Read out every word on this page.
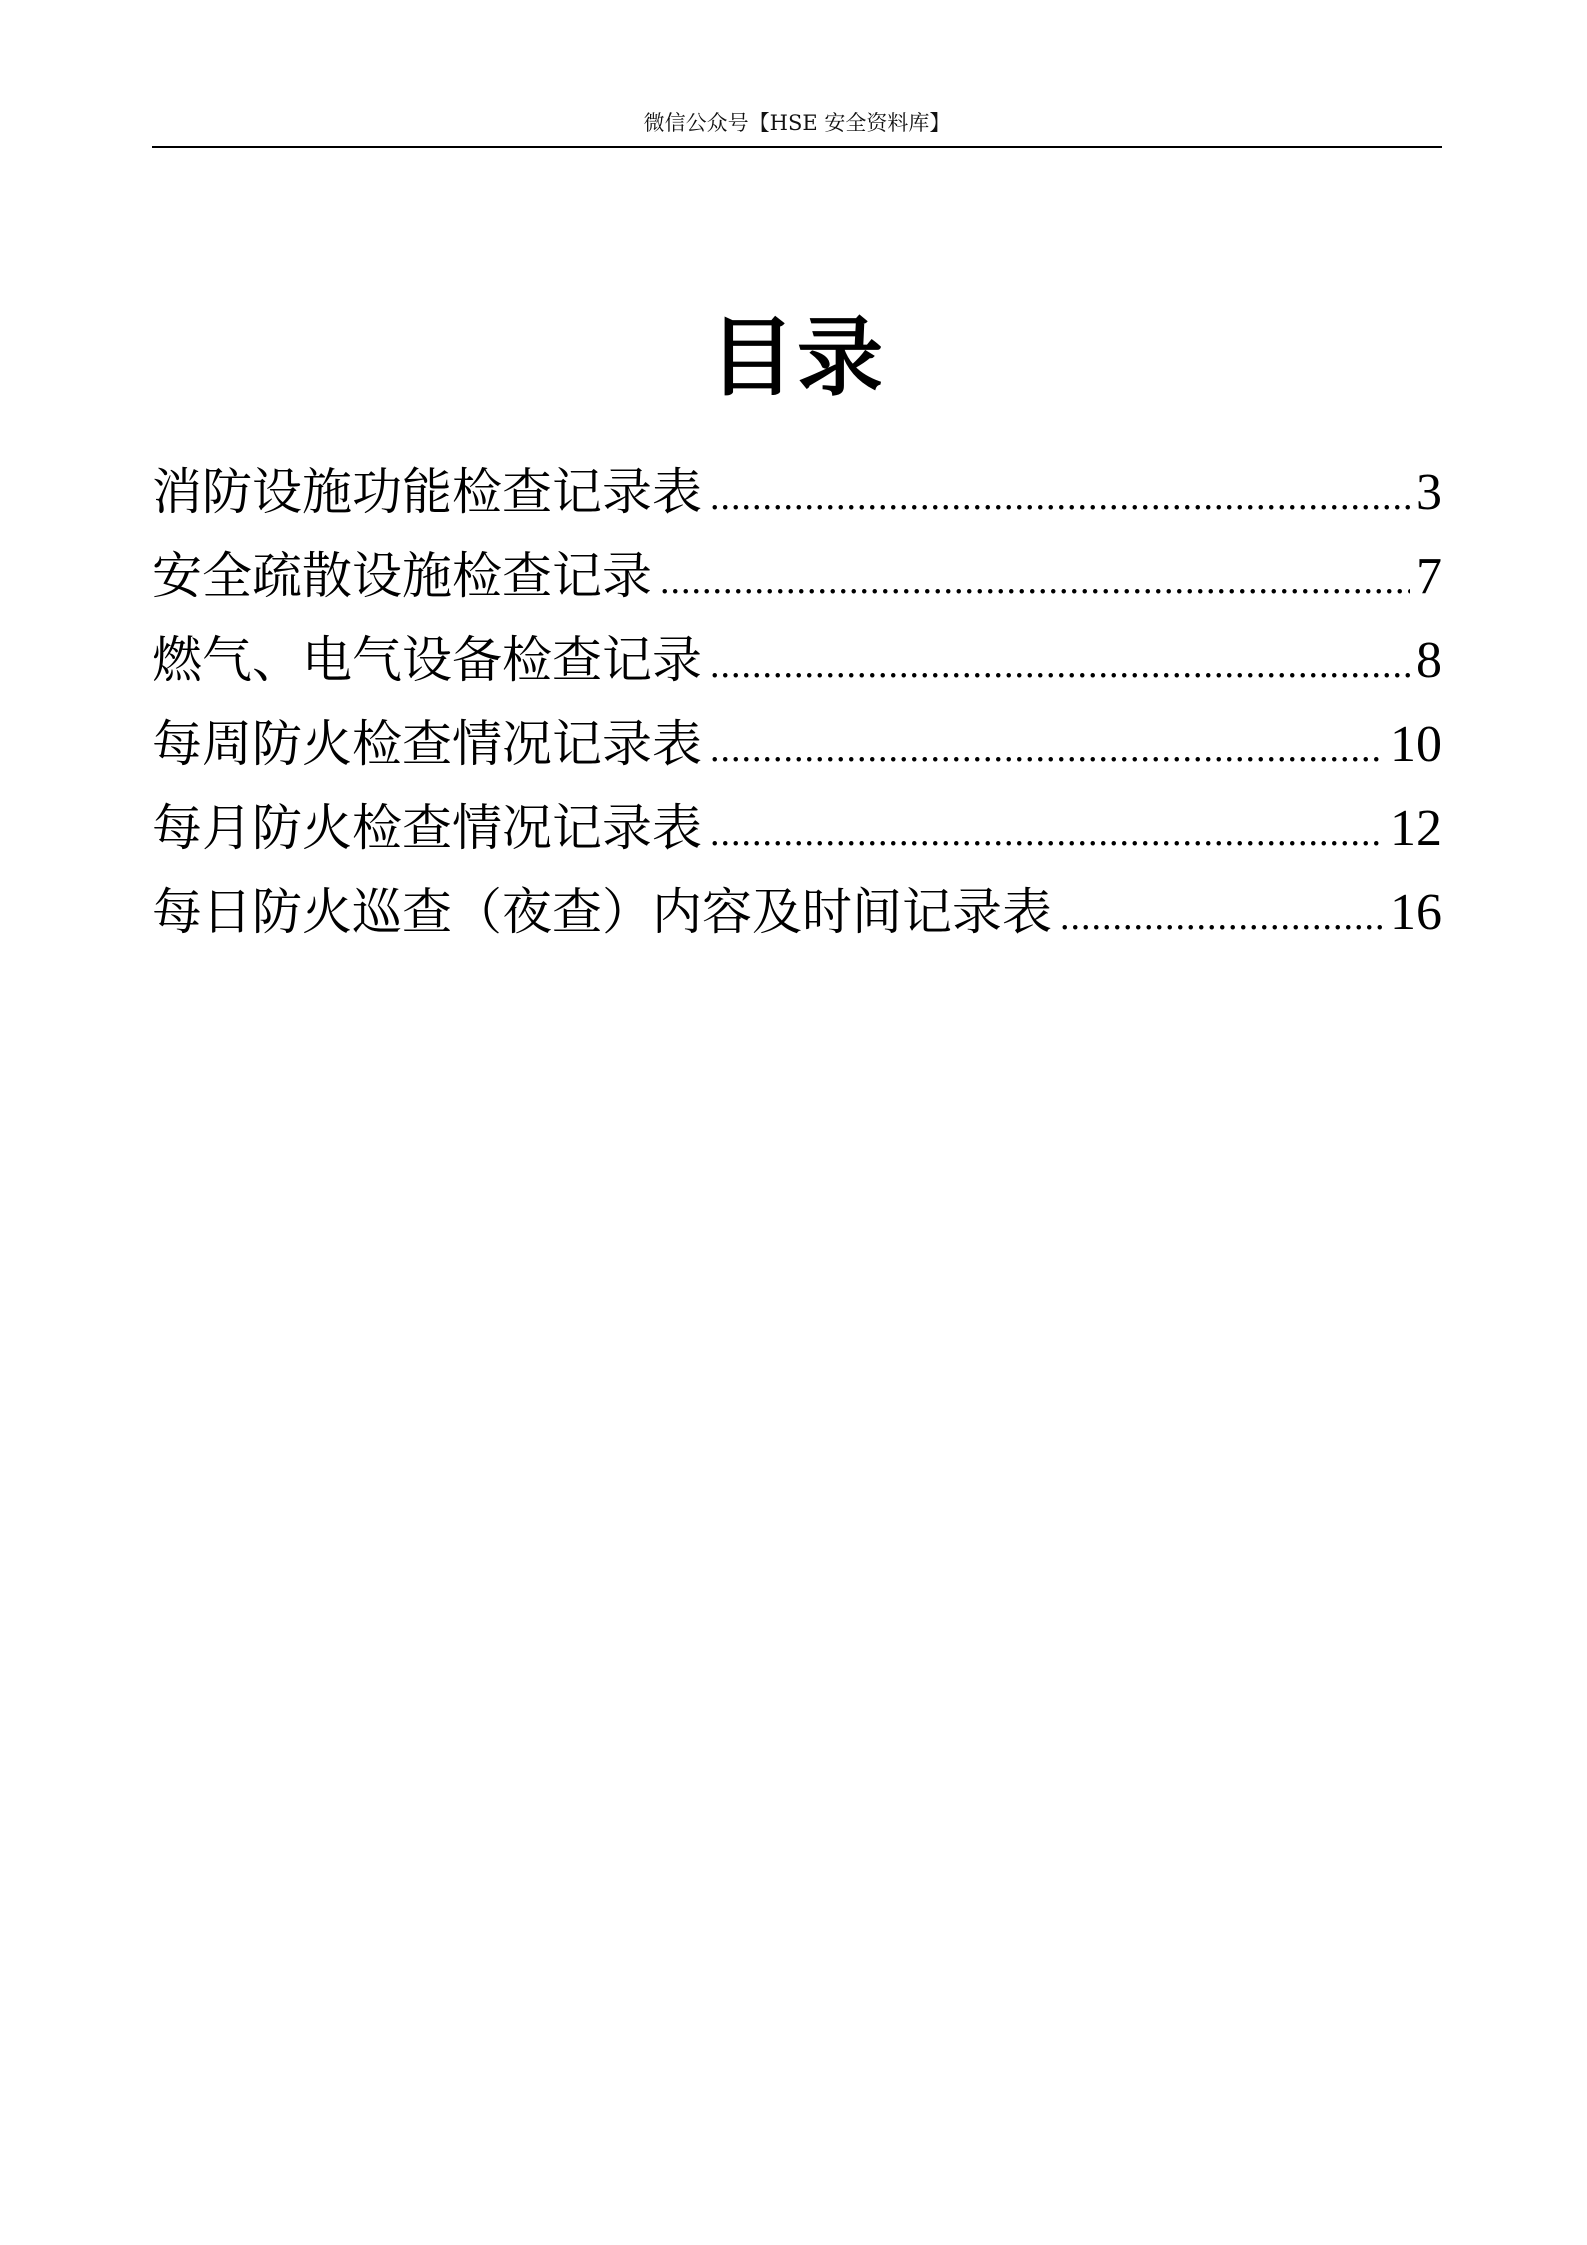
微信公众号【HSE 安全资料库】
目录
消防设施功能检查记录表 .....	3
安全疏散设施检查记录 .....	7
燃气、电气设备检查记录 .....	8
每周防火检查情况记录表 .....	10
每月防火检查情况记录表 .....	12
每日防火巡查（夜查）内容及时间记录表 .....	16
